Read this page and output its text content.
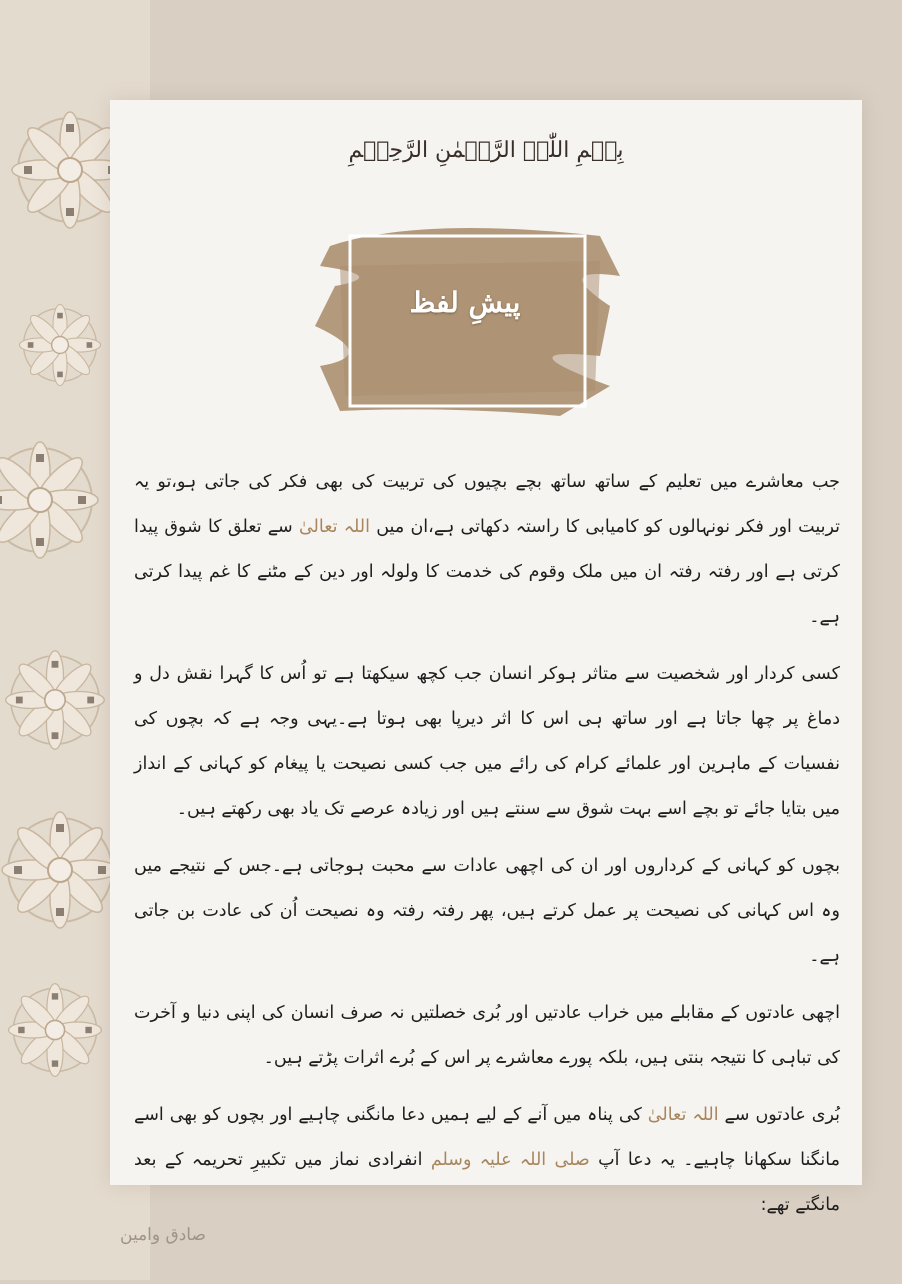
بِسۡمِ اللّٰہِ الرَّحۡمٰنِ الرَّحِیۡمِ
پیشِ لفظ

جب معاشرے میں تعلیم کے ساتھ ساتھ بچے بچیوں کی تربیت کی بھی فکر کی جاتی ہو،تو یہ تربیت اور فکر نونہالوں کو کامیابی کا راستہ دکھاتی ہے،ان میں اللہ تعالیٰ سے تعلق کا شوق پیدا کرتی ہے اور رفتہ رفتہ ان میں ملک وقوم کی خدمت کا ولولہ اور دین کے مٹنے کا غم پیدا کرتی ہے۔

کسی کردار اور شخصیت سے متاثر ہوکر انسان جب کچھ سیکھتا ہے تو اُس کا گہرا نقش دل و دماغ پر چھا جاتا ہے اور ساتھ ہی اس کا اثر دیرپا بھی ہوتا ہے۔یہی وجہ ہے کہ بچوں کی نفسیات کے ماہرین اور علمائے کرام کی رائے میں جب کسی نصیحت یا پیغام کو کہانی کے انداز میں بتایا جائے تو بچے اسے بہت شوق سے سنتے ہیں اور زیادہ عرصے تک یاد بھی رکھتے ہیں۔

بچوں کو کہانی کے کرداروں اور ان کی اچھی عادات سے محبت ہوجاتی ہے۔جس کے نتیجے میں وہ اس کہانی کی نصیحت پر عمل کرتے ہیں، پھر رفتہ رفتہ وہ نصیحت اُن کی عادت بن جاتی ہے۔

اچھی عادتوں کے مقابلے میں خراب عادتیں اور بُری خصلتیں نہ صرف انسان کی اپنی دنیا و آخرت کی تباہی کا نتیجہ بنتی ہیں، بلکہ پورے معاشرے پر اس کے بُرے اثرات پڑتے ہیں۔

بُری عادتوں سے اللہ تعالیٰ کی پناہ میں آنے کے لیے ہمیں دعا مانگنی چاہیے اور بچوں کو بھی اسے مانگنا سکھانا چاہیے۔ یہ دعا آپ صلی اللہ علیہ وسلم انفرادی نماز میں تکبیرِ تحریمہ کے بعد مانگتے تھے:

صادق وامین
